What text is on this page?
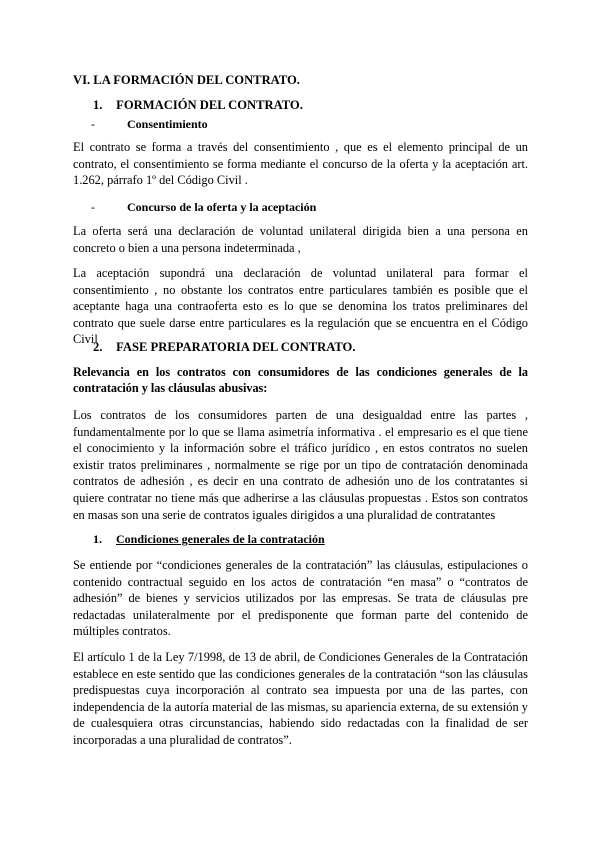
VI. LA FORMACIÓN DEL CONTRATO.
1. FORMACIÓN DEL CONTRATO.
-	Consentimiento

El contrato se forma a través del consentimiento , que es el elemento principal de un contrato, el consentimiento se forma mediante el concurso de la oferta y la aceptación art. 1.262, párrafo 1º del Código Civil .

-	Concurso de la oferta y la aceptación

La oferta será una declaración de voluntad unilateral dirigida bien a una persona en concreto o bien a una persona indeterminada ,

La aceptación supondrá una declaración de voluntad unilateral para formar el consentimiento , no obstante los contratos entre particulares también es posible que el aceptante haga una contraoferta esto es lo que se denomina los tratos preliminares del contrato que suele darse entre particulares es la regulación que se encuentra en el Código Civil

2. FASE PREPARATORIA DEL CONTRATO.

Relevancia en los contratos con consumidores de las condiciones generales de la contratación y las cláusulas abusivas:

Los contratos de los consumidores parten de una desigualdad entre las partes , fundamentalmente por lo que se llama asimetría informativa . el empresario es el que tiene el conocimiento y la información sobre el tráfico jurídico , en estos contratos no suelen existir tratos preliminares , normalmente se rige por un tipo de contratación denominada contratos de adhesión , es decir en una contrato de adhesión uno de los contratantes si quiere contratar no tiene más que adherirse a las cláusulas propuestas . Estos son contratos en masas son una serie de contratos iguales dirigidos a una pluralidad de contratantes

1. Condiciones generales de la contratación

Se entiende por “condiciones generales de la contratación” las cláusulas, estipulaciones o contenido contractual seguido en los actos de contratación “en masa” o “contratos de adhesión” de bienes y servicios utilizados por las empresas. Se trata de cláusulas pre redactadas unilateralmente por el predisponente que forman parte del contenido de múltiples contratos.

El artículo 1 de la Ley 7/1998, de 13 de abril, de Condiciones Generales de la Contratación establece en este sentido que las condiciones generales de la contratación “son las cláusulas predispuestas cuya incorporación al contrato sea impuesta por una de las partes, con independencia de la autoría material de las mismas, su apariencia externa, de su extensión y de cualesquiera otras circunstancias, habiendo sido redactadas con la finalidad de ser incorporadas a una pluralidad de contratos”.
